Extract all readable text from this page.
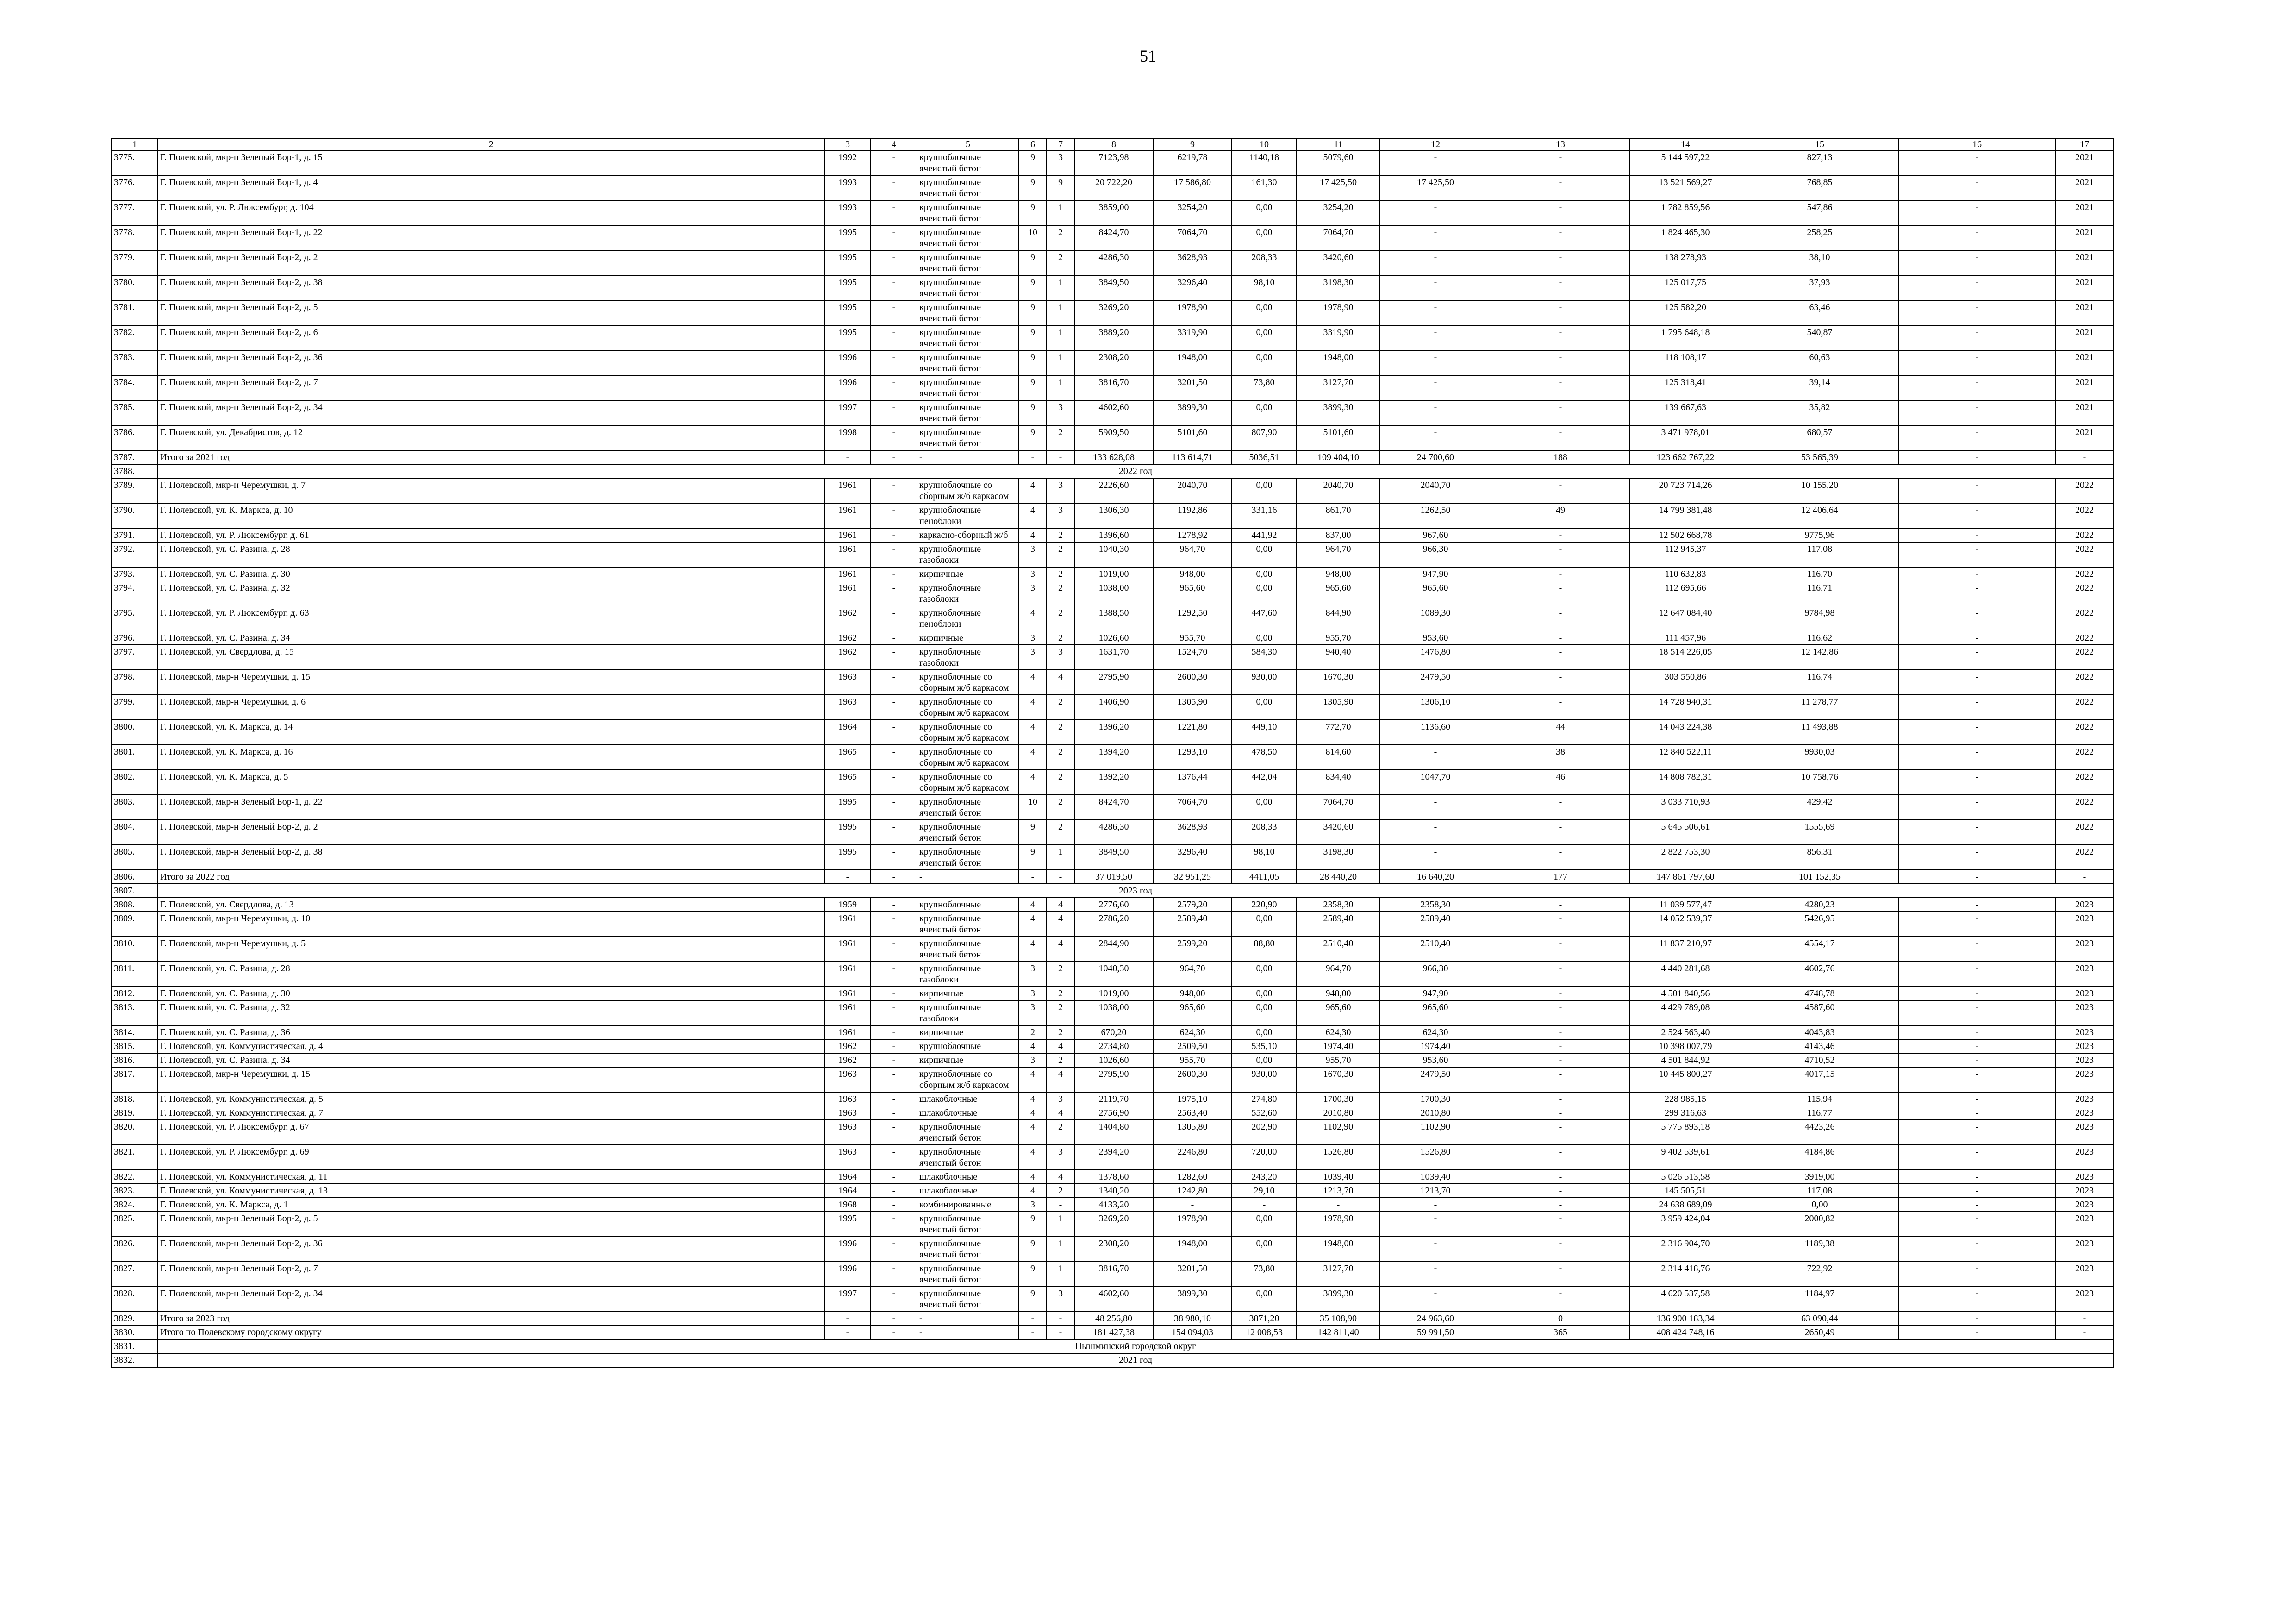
51
1	2	3	4	5	6	7	8	9	10	11	12	13	14	15	16	17
3775.	Г. Полевской, мкр-н Зеленый Бор-1, д. 15	1992	-	крупноблочные ячеистый бетон	9	3	7123,98	6219,78	1140,18	5079,60	-	-	5 144 597,22	827,13	-	2021
3776.	Г. Полевской, мкр-н Зеленый Бор-1, д. 4	1993	-	крупноблочные ячеистый бетон	9	9	20 722,20	17 586,80	161,30	17 425,50	17 425,50	-	13 521 569,27	768,85	-	2021
3777.	Г. Полевской, ул. Р. Люксембург, д. 104	1993	-	крупноблочные ячеистый бетон	9	1	3859,00	3254,20	0,00	3254,20	-	-	1 782 859,56	547,86	-	2021
3778.	Г. Полевской, мкр-н Зеленый Бор-1, д. 22	1995	-	крупноблочные ячеистый бетон	10	2	8424,70	7064,70	0,00	7064,70	-	-	1 824 465,30	258,25	-	2021
3779.	Г. Полевской, мкр-н Зеленый Бор-2, д. 2	1995	-	крупноблочные ячеистый бетон	9	2	4286,30	3628,93	208,33	3420,60	-	-	138 278,93	38,10	-	2021
3780.	Г. Полевской, мкр-н Зеленый Бор-2, д. 38	1995	-	крупноблочные ячеистый бетон	9	1	3849,50	3296,40	98,10	3198,30	-	-	125 017,75	37,93	-	2021
3781.	Г. Полевской, мкр-н Зеленый Бор-2, д. 5	1995	-	крупноблочные ячеистый бетон	9	1	3269,20	1978,90	0,00	1978,90	-	-	125 582,20	63,46	-	2021
3782.	Г. Полевской, мкр-н Зеленый Бор-2, д. 6	1995	-	крупноблочные ячеистый бетон	9	1	3889,20	3319,90	0,00	3319,90	-	-	1 795 648,18	540,87	-	2021
3783.	Г. Полевской, мкр-н Зеленый Бор-2, д. 36	1996	-	крупноблочные ячеистый бетон	9	1	2308,20	1948,00	0,00	1948,00	-	-	118 108,17	60,63	-	2021
3784.	Г. Полевской, мкр-н Зеленый Бор-2, д. 7	1996	-	крупноблочные ячеистый бетон	9	1	3816,70	3201,50	73,80	3127,70	-	-	125 318,41	39,14	-	2021
3785.	Г. Полевской, мкр-н Зеленый Бор-2, д. 34	1997	-	крупноблочные ячеистый бетон	9	3	4602,60	3899,30	0,00	3899,30	-	-	139 667,63	35,82	-	2021
3786.	Г. Полевской, ул. Декабристов, д. 12	1998	-	крупноблочные ячеистый бетон	9	2	5909,50	5101,60	807,90	5101,60	-	-	3 471 978,01	680,57	-	2021
3787.	Итого за 2021 год	-	-	-	-	-	133 628,08	113 614,71	5036,51	109 404,10	24 700,60	188	123 662 767,22	53 565,39	-	-
3788.	2022 год															
3789.	Г. Полевской, мкр-н Черемушки, д. 7	1961	-	крупноблочные со сборным ж/б каркасом	4	3	2226,60	2040,70	0,00	2040,70	2040,70	-	20 723 714,26	10 155,20	-	2022
3790.	Г. Полевской, ул. К. Маркса, д. 10	1961	-	крупноблочные пеноблоки	4	3	1306,30	1192,86	331,16	861,70	1262,50	49	14 799 381,48	12 406,64	-	2022
3791.	Г. Полевской, ул. Р. Люксембург, д. 61	1961	-	каркасно-сборный ж/б	4	2	1396,60	1278,92	441,92	837,00	967,60	-	12 502 668,78	9775,96	-	2022
3792.	Г. Полевской, ул. С. Разина, д. 28	1961	-	крупноблочные газоблоки	3	2	1040,30	964,70	0,00	964,70	966,30	-	112 945,37	117,08	-	2022
3793.	Г. Полевской, ул. С. Разина, д. 30	1961	-	кирпичные	3	2	1019,00	948,00	0,00	948,00	947,90	-	110 632,83	116,70	-	2022
3794.	Г. Полевской, ул. С. Разина, д. 32	1961	-	крупноблочные газоблоки	3	2	1038,00	965,60	0,00	965,60	965,60	-	112 695,66	116,71	-	2022
3795.	Г. Полевской, ул. Р. Люксембург, д. 63	1962	-	крупноблочные пеноблоки	4	2	1388,50	1292,50	447,60	844,90	1089,30	-	12 647 084,40	9784,98	-	2022
3796.	Г. Полевской, ул. С. Разина, д. 34	1962	-	кирпичные	3	2	1026,60	955,70	0,00	955,70	953,60	-	111 457,96	116,62	-	2022
3797.	Г. Полевской, ул. Свердлова, д. 15	1962	-	крупноблочные газоблоки	3	3	1631,70	1524,70	584,30	940,40	1476,80	-	18 514 226,05	12 142,86	-	2022
3798.	Г. Полевской, мкр-н Черемушки, д. 15	1963	-	крупноблочные со сборным ж/б каркасом	4	4	2795,90	2600,30	930,00	1670,30	2479,50	-	303 550,86	116,74	-	2022
3799.	Г. Полевской, мкр-н Черемушки, д. 6	1963	-	крупноблочные со сборным ж/б каркасом	4	2	1406,90	1305,90	0,00	1305,90	1306,10	-	14 728 940,31	11 278,77	-	2022
3800.	Г. Полевской, ул. К. Маркса, д. 14	1964	-	крупноблочные со сборным ж/б каркасом	4	2	1396,20	1221,80	449,10	772,70	1136,60	44	14 043 224,38	11 493,88	-	2022
3801.	Г. Полевской, ул. К. Маркса, д. 16	1965	-	крупноблочные со сборным ж/б каркасом	4	2	1394,20	1293,10	478,50	814,60	-	38	12 840 522,11	9930,03	-	2022
3802.	Г. Полевской, ул. К. Маркса, д. 5	1965	-	крупноблочные со сборным ж/б каркасом	4	2	1392,20	1376,44	442,04	834,40	1047,70	46	14 808 782,31	10 758,76	-	2022
3803.	Г. Полевской, мкр-н Зеленый Бор-1, д. 22	1995	-	крупноблочные ячеистый бетон	10	2	8424,70	7064,70	0,00	7064,70	-	-	3 033 710,93	429,42	-	2022
3804.	Г. Полевской, мкр-н Зеленый Бор-2, д. 2	1995	-	крупноблочные ячеистый бетон	9	2	4286,30	3628,93	208,33	3420,60	-	-	5 645 506,61	1555,69	-	2022
3805.	Г. Полевской, мкр-н Зеленый Бор-2, д. 38	1995	-	крупноблочные ячеистый бетон	9	1	3849,50	3296,40	98,10	3198,30	-	-	2 822 753,30	856,31	-	2022
3806.	Итого за 2022 год	-	-	-	-	-	37 019,50	32 951,25	4411,05	28 440,20	16 640,20	177	147 861 797,60	101 152,35	-	-
3807.	2023 год															
3808.	Г. Полевской, ул. Свердлова, д. 13	1959	-	крупноблочные	4	4	2776,60	2579,20	220,90	2358,30	2358,30	-	11 039 577,47	4280,23	-	2023
3809.	Г. Полевской, мкр-н Черемушки, д. 10	1961	-	крупноблочные ячеистый бетон	4	4	2786,20	2589,40	0,00	2589,40	2589,40	-	14 052 539,37	5426,95	-	2023
3810.	Г. Полевской, мкр-н Черемушки, д. 5	1961	-	крупноблочные ячеистый бетон	4	4	2844,90	2599,20	88,80	2510,40	2510,40	-	11 837 210,97	4554,17	-	2023
3811.	Г. Полевской, ул. С. Разина, д. 28	1961	-	крупноблочные газоблоки	3	2	1040,30	964,70	0,00	964,70	966,30	-	4 440 281,68	4602,76	-	2023
3812.	Г. Полевской, ул. С. Разина, д. 30	1961	-	кирпичные	3	2	1019,00	948,00	0,00	948,00	947,90	-	4 501 840,56	4748,78	-	2023
3813.	Г. Полевской, ул. С. Разина, д. 32	1961	-	крупноблочные газоблоки	3	2	1038,00	965,60	0,00	965,60	965,60	-	4 429 789,08	4587,60	-	2023
3814.	Г. Полевской, ул. С. Разина, д. 36	1961	-	кирпичные	2	2	670,20	624,30	0,00	624,30	624,30	-	2 524 563,40	4043,83	-	2023
3815.	Г. Полевской, ул. Коммунистическая, д. 4	1962	-	крупноблочные	4	4	2734,80	2509,50	535,10	1974,40	1974,40	-	10 398 007,79	4143,46	-	2023
3816.	Г. Полевской, ул. С. Разина, д. 34	1962	-	кирпичные	3	2	1026,60	955,70	0,00	955,70	953,60	-	4 501 844,92	4710,52	-	2023
3817.	Г. Полевской, мкр-н Черемушки, д. 15	1963	-	крупноблочные со сборным ж/б каркасом	4	4	2795,90	2600,30	930,00	1670,30	2479,50	-	10 445 800,27	4017,15	-	2023
3818.	Г. Полевской, ул. Коммунистическая, д. 5	1963	-	шлакоблочные	4	3	2119,70	1975,10	274,80	1700,30	1700,30	-	228 985,15	115,94	-	2023
3819.	Г. Полевской, ул. Коммунистическая, д. 7	1963	-	шлакоблочные	4	4	2756,90	2563,40	552,60	2010,80	2010,80	-	299 316,63	116,77	-	2023
3820.	Г. Полевской, ул. Р. Люксембург, д. 67	1963	-	крупноблочные ячеистый бетон	4	2	1404,80	1305,80	202,90	1102,90	1102,90	-	5 775 893,18	4423,26	-	2023
3821.	Г. Полевской, ул. Р. Люксембург, д. 69	1963	-	крупноблочные ячеистый бетон	4	3	2394,20	2246,80	720,00	1526,80	1526,80	-	9 402 539,61	4184,86	-	2023
3822.	Г. Полевской, ул. Коммунистическая, д. 11	1964	-	шлакоблочные	4	4	1378,60	1282,60	243,20	1039,40	1039,40	-	5 026 513,58	3919,00	-	2023
3823.	Г. Полевской, ул. Коммунистическая, д. 13	1964	-	шлакоблочные	4	2	1340,20	1242,80	29,10	1213,70	1213,70	-	145 505,51	117,08	-	2023
3824.	Г. Полевской, ул. К. Маркса, д. 1	1968	-	комбинированные	3	-	4133,20	-	-	-	-	-	24 638 689,09	0,00	-	2023
3825.	Г. Полевской, мкр-н Зеленый Бор-2, д. 5	1995	-	крупноблочные ячеистый бетон	9	1	3269,20	1978,90	0,00	1978,90	-	-	3 959 424,04	2000,82	-	2023
3826.	Г. Полевской, мкр-н Зеленый Бор-2, д. 36	1996	-	крупноблочные ячеистый бетон	9	1	2308,20	1948,00	0,00	1948,00	-	-	2 316 904,70	1189,38	-	2023
3827.	Г. Полевской, мкр-н Зеленый Бор-2, д. 7	1996	-	крупноблочные ячеистый бетон	9	1	3816,70	3201,50	73,80	3127,70	-	-	2 314 418,76	722,92	-	2023
3828.	Г. Полевской, мкр-н Зеленый Бор-2, д. 34	1997	-	крупноблочные ячеистый бетон	9	3	4602,60	3899,30	0,00	3899,30	-	-	4 620 537,58	1184,97	-	2023
3829.	Итого за 2023 год	-	-	-	-	-	48 256,80	38 980,10	3871,20	35 108,90	24 963,60	0	136 900 183,34	63 090,44	-	-
3830.	Итого по Полевскому городскому округу	-	-	-	-	-	181 427,38	154 094,03	12 008,53	142 811,40	59 991,50	365	408 424 748,16	2650,49	-	-
3831.	Пышминский городской округ															
3832.	2021 год															
